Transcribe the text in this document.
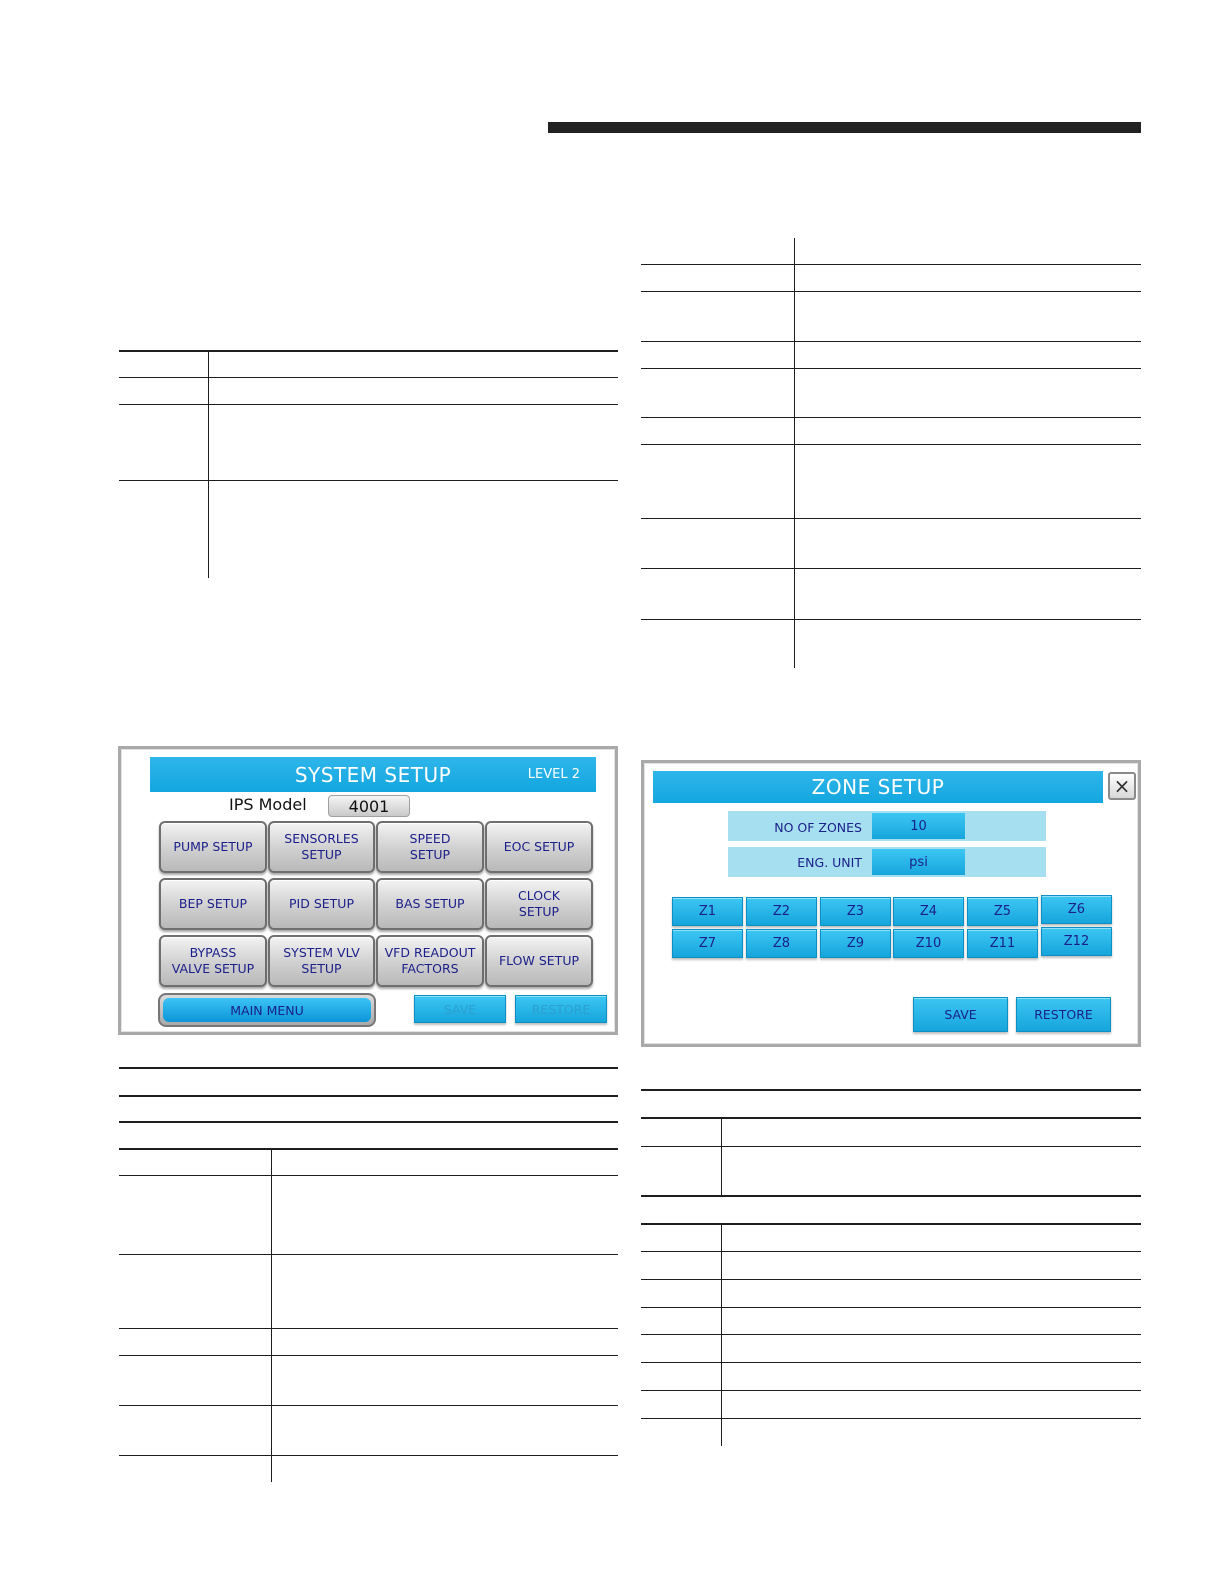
SYSTEM SETUP	LEVEL 2
IPS Model	4001
PUMP SETUP
SENSORLES
SETUP
SPEED
SETUP
EOC SETUP
BEP SETUP	PID SETUP	BAS SETUP
CLOCK
SETUP
BYPASS
VALVE SETUP
SYSTEM VLV
SETUP
VFD READOUT
FACTORS
FLOW SETUP
MAIN MENU	SAVE	RESTORE
ZONE SETUP	×
NO OF ZONES	10
ENG. UNIT	psi
Z1	Z2	Z3	Z4	Z5	Z6
Z7	Z8	Z9	Z10	Z11	Z12
SAVE	RESTORE
